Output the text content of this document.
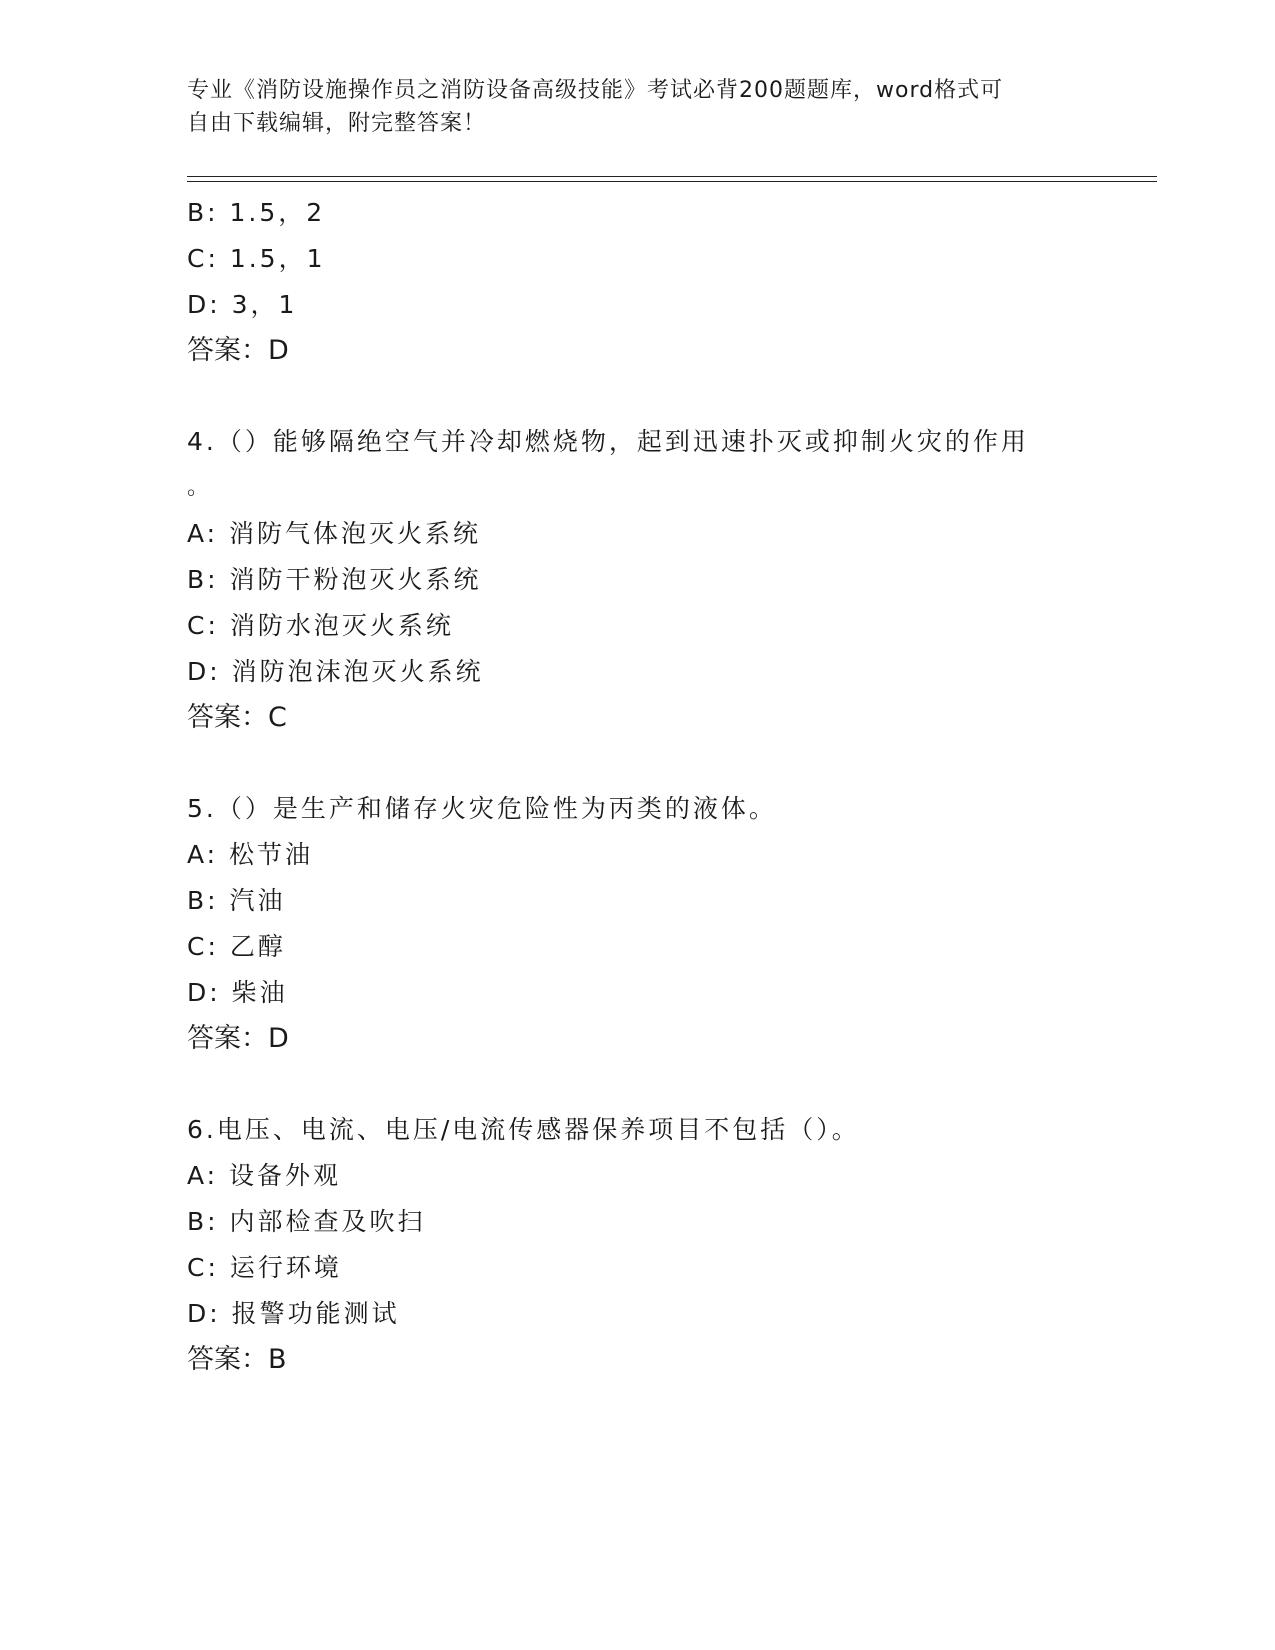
专业《消防设施操作员之消防设备高级技能》考试必背200题题库，word格式可
自由下载编辑，附完整答案！
B: 1.5，2
C: 1.5，1
D: 3，1
答案：D
4.（）能够隔绝空气并冷却燃烧物，起到迅速扑灭或抑制火灾的作用
。
A: 消防气体泡灭火系统
B: 消防干粉泡灭火系统
C: 消防水泡灭火系统
D: 消防泡沫泡灭火系统
答案：C
5.（）是生产和储存火灾危险性为丙类的液体。
A: 松节油
B: 汽油
C: 乙醇
D: 柴油
答案：D
6.电压、电流、电压/电流传感器保养项目不包括（）。
A: 设备外观
B: 内部检查及吹扫
C: 运行环境
D: 报警功能测试
答案：B
